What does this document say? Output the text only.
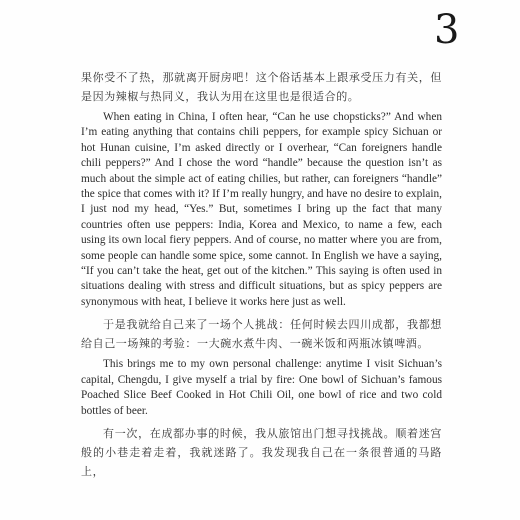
3

果你受不了热，那就离开厨房吧！这个俗话基本上跟承受压力有关，但是因为辣椒与热同义，我认为用在这里也是很适合的。

When eating in China, I often hear, “Can he use chopsticks?” And when I’m eating anything that contains chili peppers, for example spicy Sichuan or hot Hunan cuisine, I’m asked directly or I overhear, “Can foreigners handle chili peppers?” And I chose the word “handle” because the question isn’t as much about the simple act of eating chilies, but rather, can foreigners “handle” the spice that comes with it? If I’m really hungry, and have no desire to explain, I just nod my head, “Yes.” But, sometimes I bring up the fact that many countries often use peppers: India, Korea and Mexico, to name a few, each using its own local fiery peppers. And of course, no matter where you are from, some people can handle some spice, some cannot. In English we have a saying, “If you can’t take the heat, get out of the kitchen.” This saying is often used in situations dealing with stress and difficult situations, but as spicy peppers are synonymous with heat, I believe it works here just as well.

于是我就给自己来了一场个人挑战：任何时候去四川成都，我都想给自己一场辣的考验：一大碗水煮牛肉、一碗米饭和两瓶冰镇啤酒。

This brings me to my own personal challenge: anytime I visit Sichuan’s capital, Chengdu, I give myself a trial by fire: One bowl of Sichuan’s famous Poached Slice Beef Cooked in Hot Chili Oil, one bowl of rice and two cold bottles of beer.

有一次，在成都办事的时候，我从旅馆出门想寻找挑战。顺着迷宫般的小巷走着走着，我就迷路了。我发现我自己在一条很普通的马路上，
